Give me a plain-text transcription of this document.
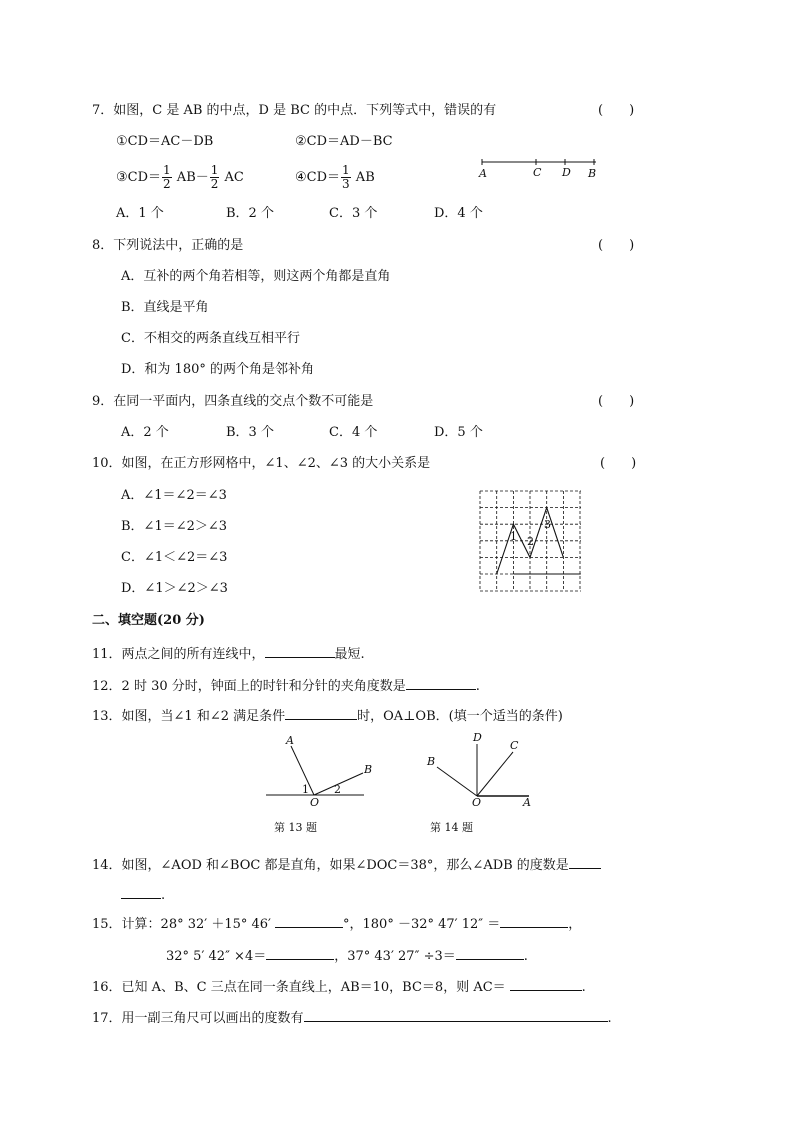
7．如图，C 是 AB 的中点，D 是 BC 的中点．下列等式中，错误的有	(　　)
①CD＝AC－DB	②CD＝AD－BC
③CD＝ $\frac{1}{2} AB- \frac{1}{2}$ AC	④CD＝ $\frac{1}{3}$ AB	A	C D B
A．1 个	B．2 个	C．3 个	D．4 个
8．下列说法中，正确的是	(　　)
A．互补的两个角若相等，则这两个角都是直角
B．直线是平角
C．不相交的两条直线互相平行
D．和为 180° 的两个角是邻补角
9．在同一平面内，四条直线的交点个数不可能是	(　　)
A．2 个	B．3 个	C．4 个	D．5 个
10．如图，在正方形网格中，∠1、∠2、∠3 的大小关系是	(　　)
A．∠1＝∠2＝∠3
B．∠1＝∠2＞∠3
C．∠1＜∠2＝∠3
D．∠1＞∠2＞∠3
1 2
3
二、填空题(20 分)
11．两点之间的所有连线中，	最短.
12．2 时 30 分时，钟面上的时针和分针的夹角度数是	.
13．如图，当∠1 和∠2 满足条件	时，OA⊥OB．(填一个适当的条件)
A
B
O
1 2
第 13 题
D
C
B
O	A
第 14 题
14．如图，∠AOD 和∠BOC 都是直角，如果∠DOC＝38°，那么∠ADB 的度数是
.
15．计算：28° 32′ ＋15° 46′	°，180° －32° 47′ 12″ ＝	，
32° 5′ 42″ ×4＝	，37° 43′ 27″ ÷3＝	.
16．已知 A、B、C 三点在同一条直线上，AB＝10，BC＝8，则 AC＝	.
17．用一副三角尺可以画出的度数有	.
